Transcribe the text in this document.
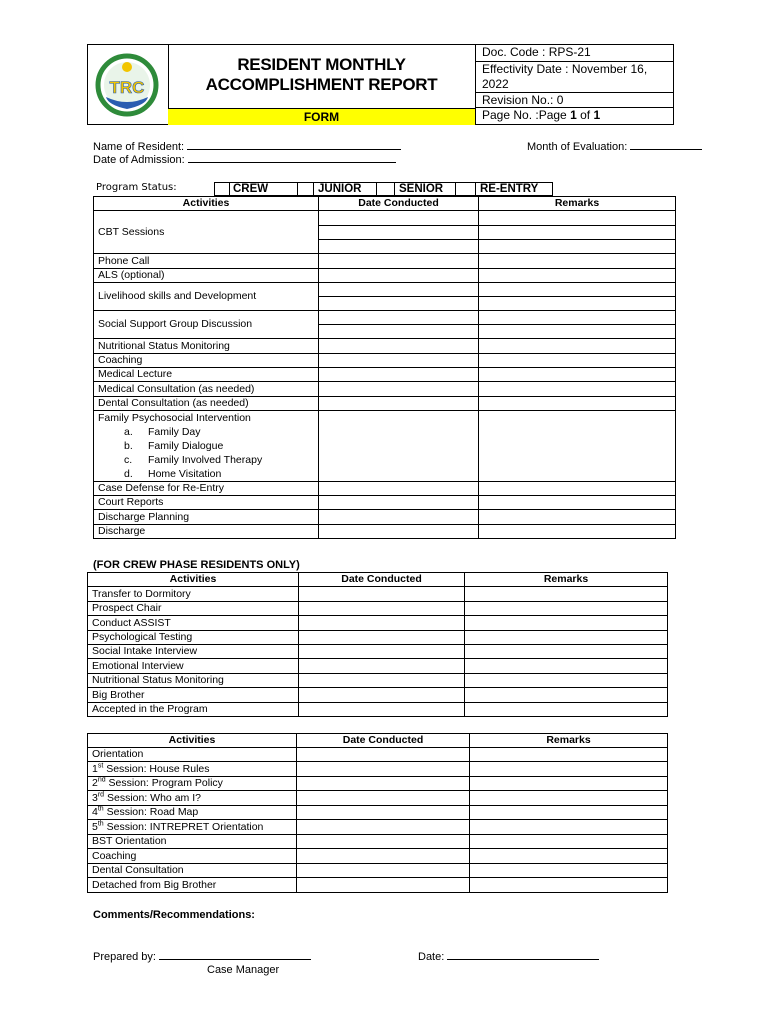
TRC
RESIDENT MONTHLY
ACCOMPLISHMENT REPORT
FORM
Doc. Code : RPS-21
Effectivity Date : November 16,
2022
Revision No.: 0
Page No. :Page 1 of 1
Name of Resident:
Date of Admission:
Month of Evaluation:
Program Status:	CREW	JUNIOR	SENIOR	RE-ENTRY
Activities	Date Conducted	Remarks
CBT Sessions		

Phone Call		
ALS (optional)		
Livelihood skills and Development		

Social Support Group Discussion		

Nutritional Status Monitoring		
Coaching		
Medical Lecture		
Medical Consultation (as needed)		
Dental Consultation (as needed)		

Family Psychosocial Intervention
a. Family Day
b. Family Dialogue
c. Family Involved Therapy
d. Home Visitation		

Case Defense for Re-Entry		
Court Reports		
Discharge Planning		
Discharge		
(FOR CREW PHASE RESIDENTS ONLY)
Activities	Date Conducted	Remarks
Transfer to Dormitory		
Prospect Chair		
Conduct ASSIST		
Psychological Testing		
Social Intake Interview		
Emotional Interview		
Nutritional Status Monitoring		
Big Brother		
Accepted in the Program		
Activities	Date Conducted	Remarks
Orientation		
1st Session: House Rules		
2nd Session: Program Policy		
3rd Session: Who am I?		
4th Session: Road Map		
5th Session: INTREPRET Orientation		
BST Orientation		
Coaching		
Dental Consultation		
Detached from Big Brother		
Comments/Recommendations:
Prepared by:
Case Manager
Date:
